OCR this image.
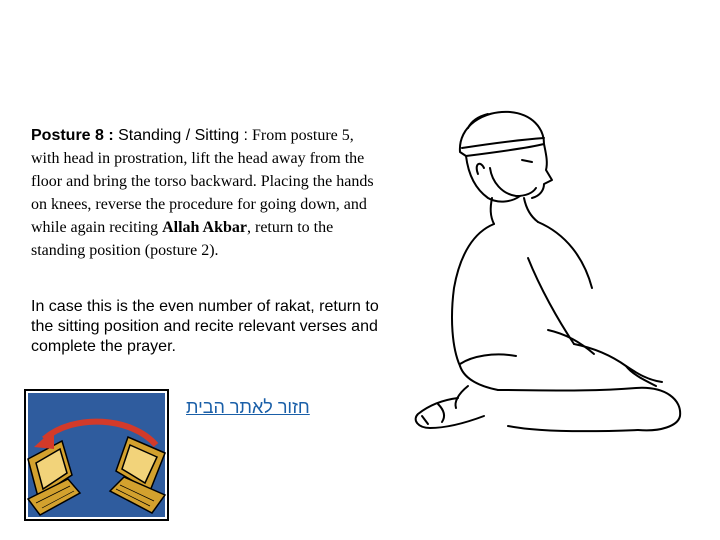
Posture 8 : Standing / Sitting : From posture 5, with head in prostration, lift the head away from the floor and bring the torso backward. Placing the hands on knees, reverse the procedure for going down, and while again reciting Allah Akbar, return to the standing position (posture 2).
In case this is the even number of rakat, return to the sitting position and recite relevant verses and complete the prayer.
חזור לאתר הבית
